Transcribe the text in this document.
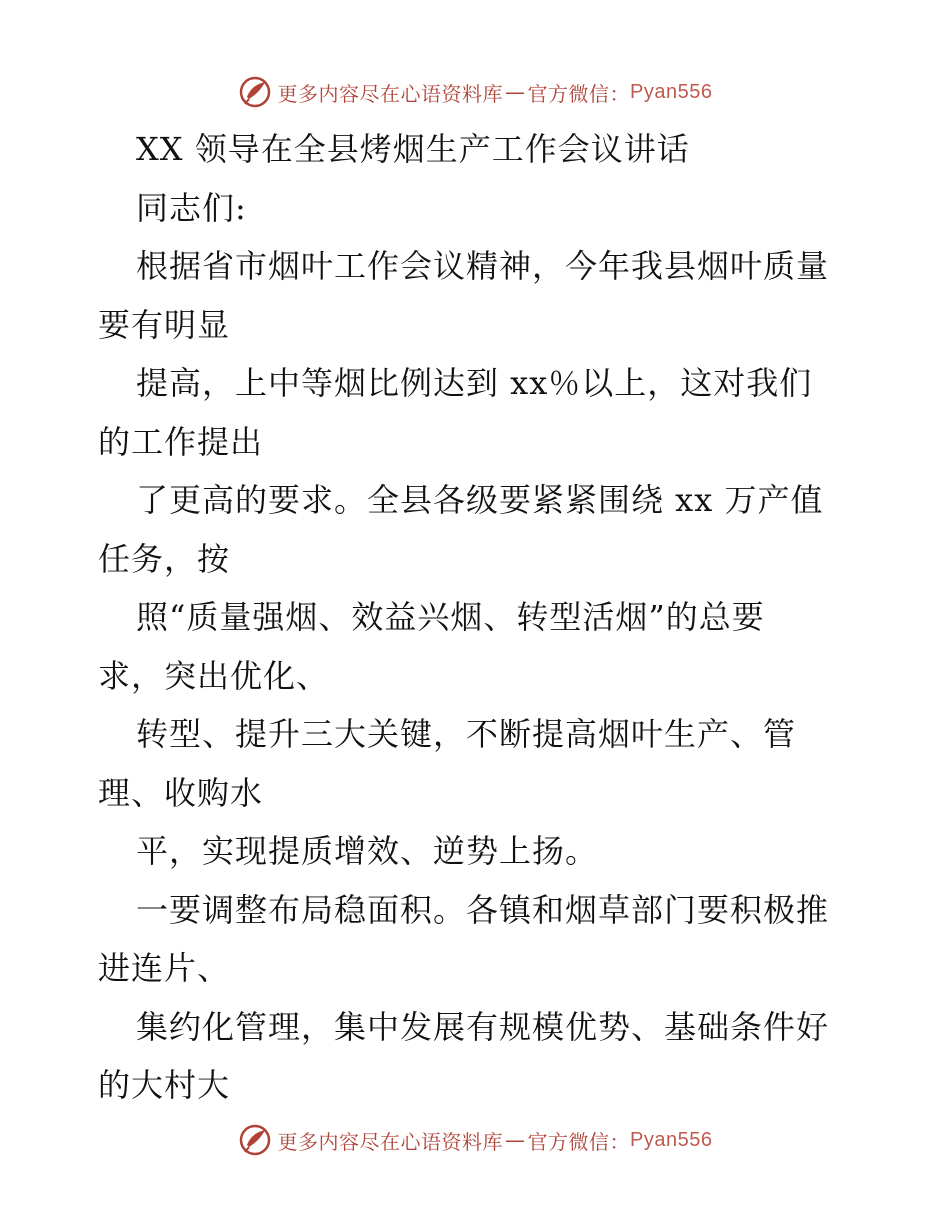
更多内容尽在心语资料库 — 官方微信： Pyan556
XX 领导在全县烤烟生产工作会议讲话
同志们:
根据省市烟叶工作会议精神，今年我县烟叶质量
要有明显
提高，上中等烟比例达到 xx％以上，这对我们
的工作提出
了更高的要求。全县各级要紧紧围绕 xx 万产值
任务，按
照“质量强烟、效益兴烟、转型活烟”的总要
求，突出优化、
转型、提升三大关键，不断提高烟叶生产、管
理、收购水
平，实现提质增效、逆势上扬。
一要调整布局稳面积。各镇和烟草部门要积极推
进连片、
集约化管理，集中发展有规模优势、基础条件好
的大村大
更多内容尽在心语资料库 — 官方微信： Pyan556
